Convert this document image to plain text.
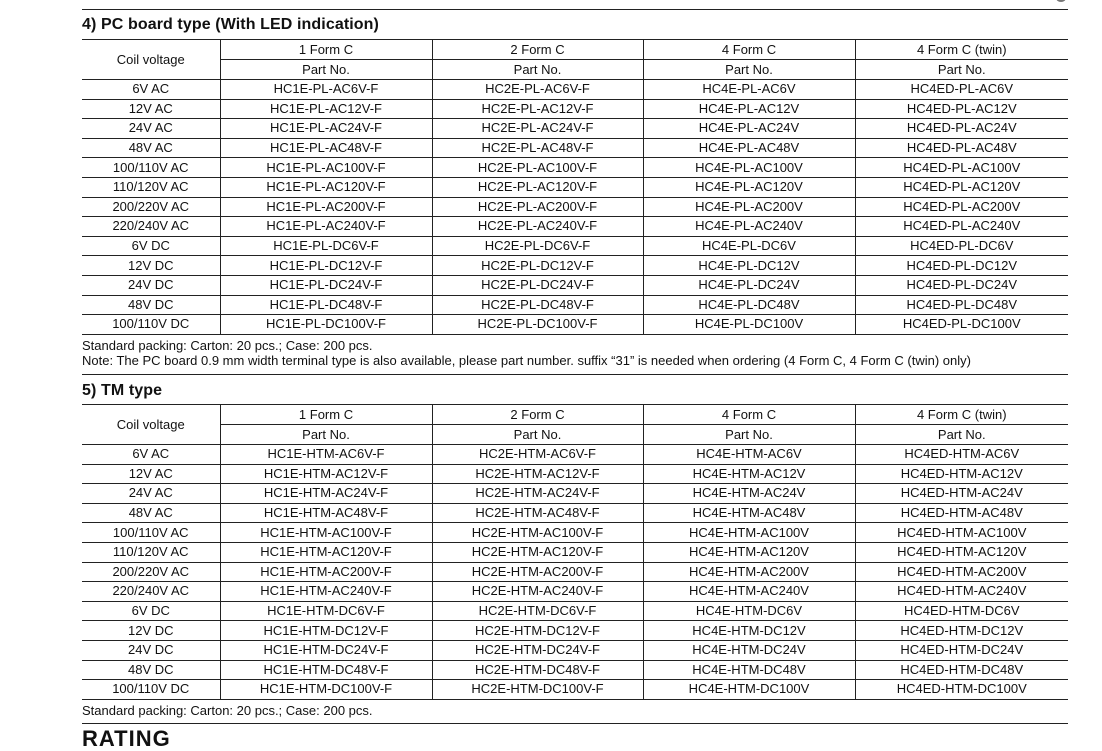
4) PC board type (With LED indication)
Coil voltage	1 Form C	2 Form C	4 Form C	4 Form C (twin)
	Part No.	Part No.	Part No.	Part No.
6V AC	HC1E-PL-AC6V-F	HC2E-PL-AC6V-F	HC4E-PL-AC6V	HC4ED-PL-AC6V
12V AC	HC1E-PL-AC12V-F	HC2E-PL-AC12V-F	HC4E-PL-AC12V	HC4ED-PL-AC12V
24V AC	HC1E-PL-AC24V-F	HC2E-PL-AC24V-F	HC4E-PL-AC24V	HC4ED-PL-AC24V
48V AC	HC1E-PL-AC48V-F	HC2E-PL-AC48V-F	HC4E-PL-AC48V	HC4ED-PL-AC48V
100/110V AC	HC1E-PL-AC100V-F	HC2E-PL-AC100V-F	HC4E-PL-AC100V	HC4ED-PL-AC100V
110/120V AC	HC1E-PL-AC120V-F	HC2E-PL-AC120V-F	HC4E-PL-AC120V	HC4ED-PL-AC120V
200/220V AC	HC1E-PL-AC200V-F	HC2E-PL-AC200V-F	HC4E-PL-AC200V	HC4ED-PL-AC200V
220/240V AC	HC1E-PL-AC240V-F	HC2E-PL-AC240V-F	HC4E-PL-AC240V	HC4ED-PL-AC240V
6V DC	HC1E-PL-DC6V-F	HC2E-PL-DC6V-F	HC4E-PL-DC6V	HC4ED-PL-DC6V
12V DC	HC1E-PL-DC12V-F	HC2E-PL-DC12V-F	HC4E-PL-DC12V	HC4ED-PL-DC12V
24V DC	HC1E-PL-DC24V-F	HC2E-PL-DC24V-F	HC4E-PL-DC24V	HC4ED-PL-DC24V
48V DC	HC1E-PL-DC48V-F	HC2E-PL-DC48V-F	HC4E-PL-DC48V	HC4ED-PL-DC48V
100/110V DC	HC1E-PL-DC100V-F	HC2E-PL-DC100V-F	HC4E-PL-DC100V	HC4ED-PL-DC100V
Standard packing: Carton: 20 pcs.; Case: 200 pcs.
Note: The PC board 0.9 mm width terminal type is also available, please part number. suffix “31” is needed when ordering (4 Form C, 4 Form C (twin) only)
5) TM type
Coil voltage	1 Form C	2 Form C	4 Form C	4 Form C (twin)
	Part No.	Part No.	Part No.	Part No.
6V AC	HC1E-HTM-AC6V-F	HC2E-HTM-AC6V-F	HC4E-HTM-AC6V	HC4ED-HTM-AC6V
12V AC	HC1E-HTM-AC12V-F	HC2E-HTM-AC12V-F	HC4E-HTM-AC12V	HC4ED-HTM-AC12V
24V AC	HC1E-HTM-AC24V-F	HC2E-HTM-AC24V-F	HC4E-HTM-AC24V	HC4ED-HTM-AC24V
48V AC	HC1E-HTM-AC48V-F	HC2E-HTM-AC48V-F	HC4E-HTM-AC48V	HC4ED-HTM-AC48V
100/110V AC	HC1E-HTM-AC100V-F	HC2E-HTM-AC100V-F	HC4E-HTM-AC100V	HC4ED-HTM-AC100V
110/120V AC	HC1E-HTM-AC120V-F	HC2E-HTM-AC120V-F	HC4E-HTM-AC120V	HC4ED-HTM-AC120V
200/220V AC	HC1E-HTM-AC200V-F	HC2E-HTM-AC200V-F	HC4E-HTM-AC200V	HC4ED-HTM-AC200V
220/240V AC	HC1E-HTM-AC240V-F	HC2E-HTM-AC240V-F	HC4E-HTM-AC240V	HC4ED-HTM-AC240V
6V DC	HC1E-HTM-DC6V-F	HC2E-HTM-DC6V-F	HC4E-HTM-DC6V	HC4ED-HTM-DC6V
12V DC	HC1E-HTM-DC12V-F	HC2E-HTM-DC12V-F	HC4E-HTM-DC12V	HC4ED-HTM-DC12V
24V DC	HC1E-HTM-DC24V-F	HC2E-HTM-DC24V-F	HC4E-HTM-DC24V	HC4ED-HTM-DC24V
48V DC	HC1E-HTM-DC48V-F	HC2E-HTM-DC48V-F	HC4E-HTM-DC48V	HC4ED-HTM-DC48V
100/110V DC	HC1E-HTM-DC100V-F	HC2E-HTM-DC100V-F	HC4E-HTM-DC100V	HC4ED-HTM-DC100V
Standard packing: Carton: 20 pcs.; Case: 200 pcs.
RATING
